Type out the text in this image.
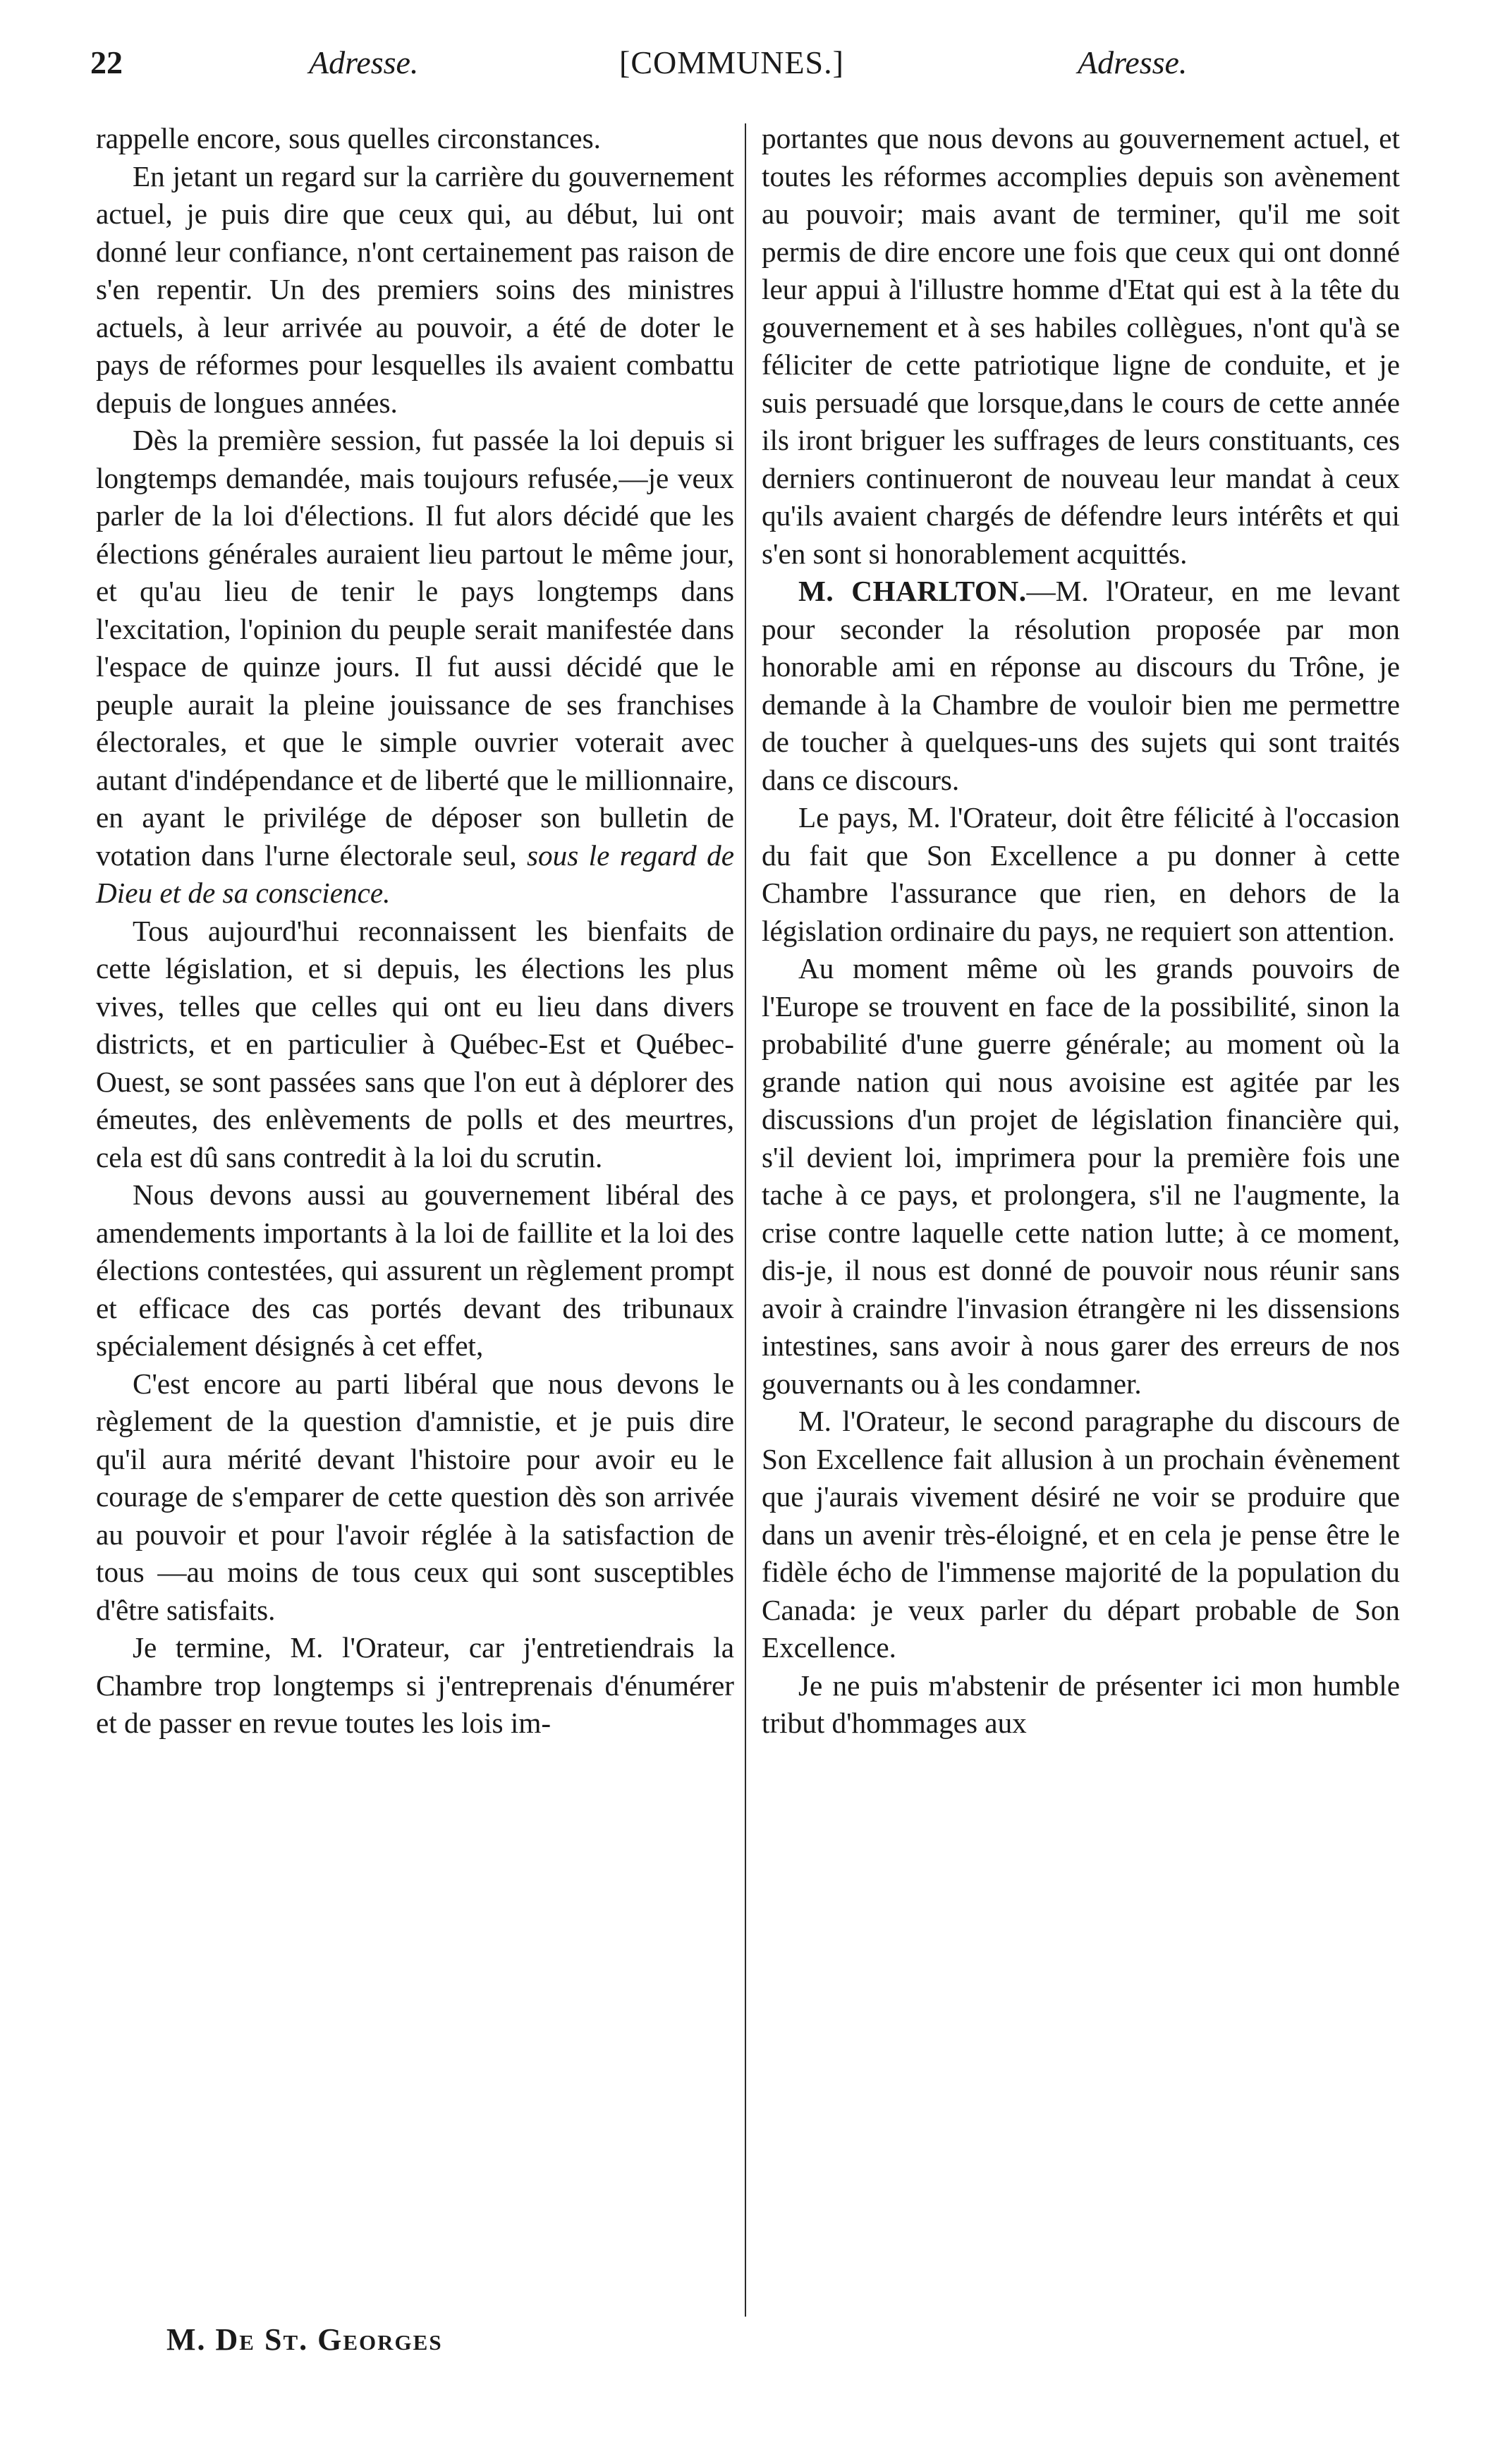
22	Adresse.	[COMMUNES.]	Adresse.

rappelle encore, sous quelles circonstances.

En jetant un regard sur la carrière du gouvernement actuel, je puis dire que ceux qui, au début, lui ont donné leur confiance, n'ont certainement pas raison de s'en repentir. Un des premiers soins des ministres actuels, à leur arrivée au pouvoir, a été de doter le pays de réformes pour lesquelles ils avaient combattu depuis de longues années.

Dès la première session, fut passée la loi depuis si longtemps demandée, mais toujours refusée,—je veux parler de la loi d'élections. Il fut alors décidé que les élections générales auraient lieu partout le même jour, et qu'au lieu de tenir le pays longtemps dans l'excitation, l'opinion du peuple serait manifestée dans l'espace de quinze jours. Il fut aussi décidé que le peuple aurait la pleine jouissance de ses franchises électorales, et que le simple ouvrier voterait avec autant d'indépendance et de liberté que le millionnaire, en ayant le privilége de déposer son bulletin de votation dans l'urne électorale seul, sous le regard de Dieu et de sa conscience.

Tous aujourd'hui reconnaissent les bienfaits de cette législation, et si depuis, les élections les plus vives, telles que celles qui ont eu lieu dans divers districts, et en particulier à Québec-Est et Québec-Ouest, se sont passées sans que l'on eut à déplorer des émeutes, des enlèvements de polls et des meurtres, cela est dû sans contredit à la loi du scrutin.

Nous devons aussi au gouvernement libéral des amendements importants à la loi de faillite et la loi des élections contestées, qui assurent un règlement prompt et efficace des cas portés devant des tribunaux spécialement désignés à cet effet,

C'est encore au parti libéral que nous devons le règlement de la question d'amnistie, et je puis dire qu'il aura mérité devant l'histoire pour avoir eu le courage de s'emparer de cette question dès son arrivée au pouvoir et pour l'avoir réglée à la satisfaction de tous —au moins de tous ceux qui sont susceptibles d'être satisfaits.

Je termine, M. l'Orateur, car j'entretiendrais la Chambre trop longtemps si j'entreprenais d'énumérer et de passer en revue toutes les lois im-

portantes que nous devons au gouvernement actuel, et toutes les réformes accomplies depuis son avènement au pouvoir; mais avant de terminer, qu'il me soit permis de dire encore une fois que ceux qui ont donné leur appui à l'illustre homme d'Etat qui est à la tête du gouvernement et à ses habiles collègues, n'ont qu'à se féliciter de cette patriotique ligne de conduite, et je suis persuadé que lorsque,dans le cours de cette année ils iront briguer les suffrages de leurs constituants, ces derniers continueront de nouveau leur mandat à ceux qu'ils avaient chargés de défendre leurs intérêts et qui s'en sont si honorablement acquittés.

M. CHARLTON.—M. l'Orateur, en me levant pour seconder la résolution proposée par mon honorable ami en réponse au discours du Trône, je demande à la Chambre de vouloir bien me permettre de toucher à quelques-uns des sujets qui sont traités dans ce discours.

Le pays, M. l'Orateur, doit être félicité à l'occasion du fait que Son Excellence a pu donner à cette Chambre l'assurance que rien, en dehors de la législation ordinaire du pays, ne requiert son attention.

Au moment même où les grands pouvoirs de l'Europe se trouvent en face de la possibilité, sinon la probabilité d'une guerre générale; au moment où la grande nation qui nous avoisine est agitée par les discussions d'un projet de législation financière qui, s'il devient loi, imprimera pour la première fois une tache à ce pays, et prolongera, s'il ne l'augmente, la crise contre laquelle cette nation lutte; à ce moment, dis-je, il nous est donné de pouvoir nous réunir sans avoir à craindre l'invasion étrangère ni les dissensions intestines, sans avoir à nous garer des erreurs de nos gouvernants ou à les condamner.

M. l'Orateur, le second paragraphe du discours de Son Excellence fait allusion à un prochain évènement que j'aurais vivement désiré ne voir se produire que dans un avenir très-éloigné, et en cela je pense être le fidèle écho de l'immense majorité de la population du Canada: je veux parler du départ probable de Son Excellence.

Je ne puis m'abstenir de présenter ici mon humble tribut d'hommages aux

M. De St. Georges
